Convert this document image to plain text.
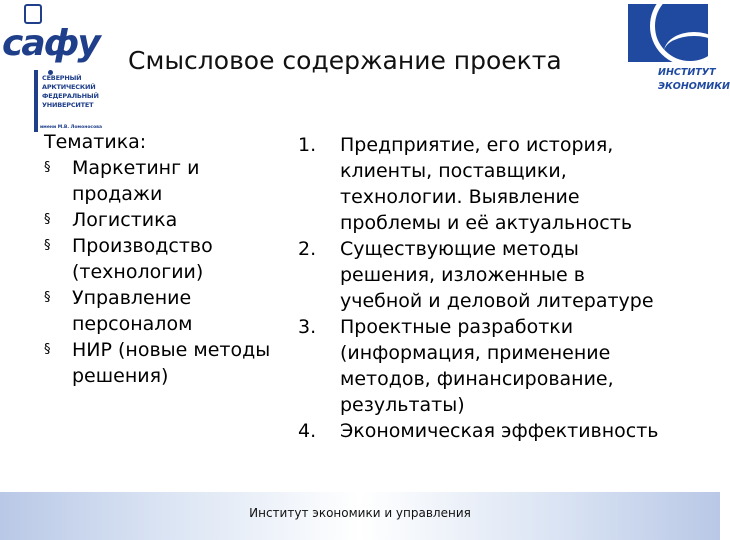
сафу
СЕВЕРНЫЙ
АРКТИЧЕСКИЙ
ФЕДЕРАЛЬНЫЙ
УНИВЕРСИТЕТ
имени М.В. Ломоносова
Смысловое содержание проекта	ИНСТИТУТ
ЭКОНОМИКИ
Тематика:
§ Маркетинг и продажи
§ Логистика
§ Производство (технологии)
§ Управление персоналом
§ НИР (новые методы решения)
1. Предприятие, его история,
клиенты, поставщики,
технологии. Выявление
проблемы и её актуальность
2. Существующие методы
решения, изложенные в
учебной и деловой литературе
3. Проектные разработки
(информация, применение
методов, финансирование,
результаты)
4. Экономическая эффективность
Институт экономики и управления
